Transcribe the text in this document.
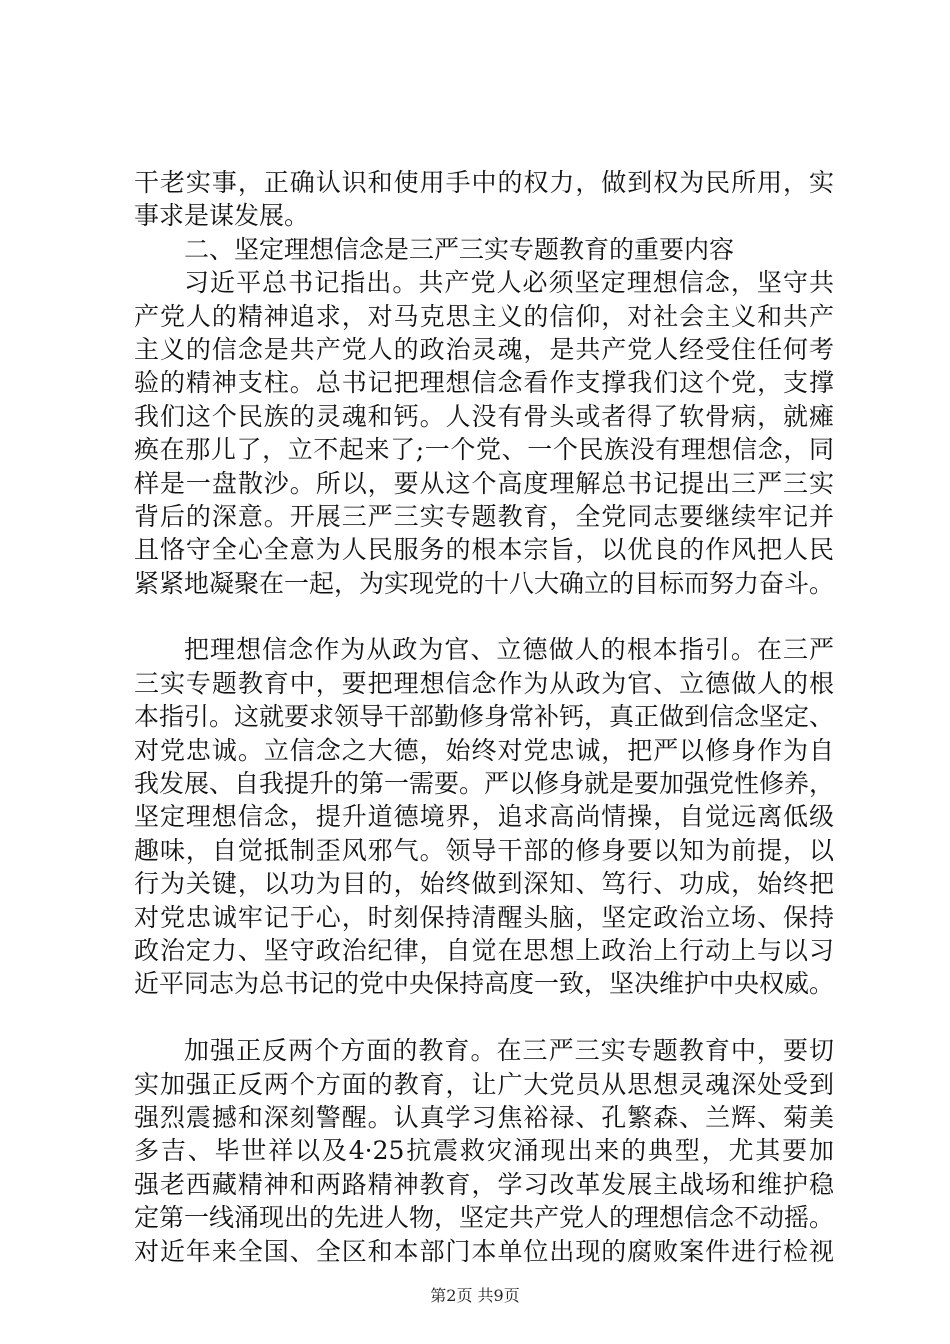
干老实事，正确认识和使用手中的权力，做到权为民所用，实
事求是谋发展。
二、坚定理想信念是三严三实专题教育的重要内容
习近平总书记指出。共产党人必须坚定理想信念，坚守共
产党人的精神追求，对马克思主义的信仰，对社会主义和共产
主义的信念是共产党人的政治灵魂，是共产党人经受住任何考
验的精神支柱。总书记把理想信念看作支撑我们这个党，支撑
我们这个民族的灵魂和钙。人没有骨头或者得了软骨病，就瘫
痪在那儿了，立不起来了;一个党、一个民族没有理想信念，同
样是一盘散沙。所以，要从这个高度理解总书记提出三严三实
背后的深意。开展三严三实专题教育，全党同志要继续牢记并
且恪守全心全意为人民服务的根本宗旨，以优良的作风把人民
紧紧地凝聚在一起，为实现党的十八大确立的目标而努力奋斗。
把理想信念作为从政为官、立德做人的根本指引。在三严
三实专题教育中，要把理想信念作为从政为官、立德做人的根
本指引。这就要求领导干部勤修身常补钙，真正做到信念坚定、
对党忠诚。立信念之大德，始终对党忠诚，把严以修身作为自
我发展、自我提升的第一需要。严以修身就是要加强党性修养，
坚定理想信念，提升道德境界，追求高尚情操，自觉远离低级
趣味，自觉抵制歪风邪气。领导干部的修身要以知为前提，以
行为关键，以功为目的，始终做到深知、笃行、功成，始终把
对党忠诚牢记于心，时刻保持清醒头脑，坚定政治立场、保持
政治定力、坚守政治纪律，自觉在思想上政治上行动上与以习
近平同志为总书记的党中央保持高度一致，坚决维护中央权威。
加强正反两个方面的教育。在三严三实专题教育中，要切
实加强正反两个方面的教育，让广大党员从思想灵魂深处受到
强烈震撼和深刻警醒。认真学习焦裕禄、孔繁森、兰辉、菊美
多吉、毕世祥以及4·25抗震救灾涌现出来的典型，尤其要加
强老西藏精神和两路精神教育，学习改革发展主战场和维护稳
定第一线涌现出的先进人物，坚定共产党人的理想信念不动摇。
对近年来全国、全区和本部门本单位出现的腐败案件进行检视
第2页 共9页
